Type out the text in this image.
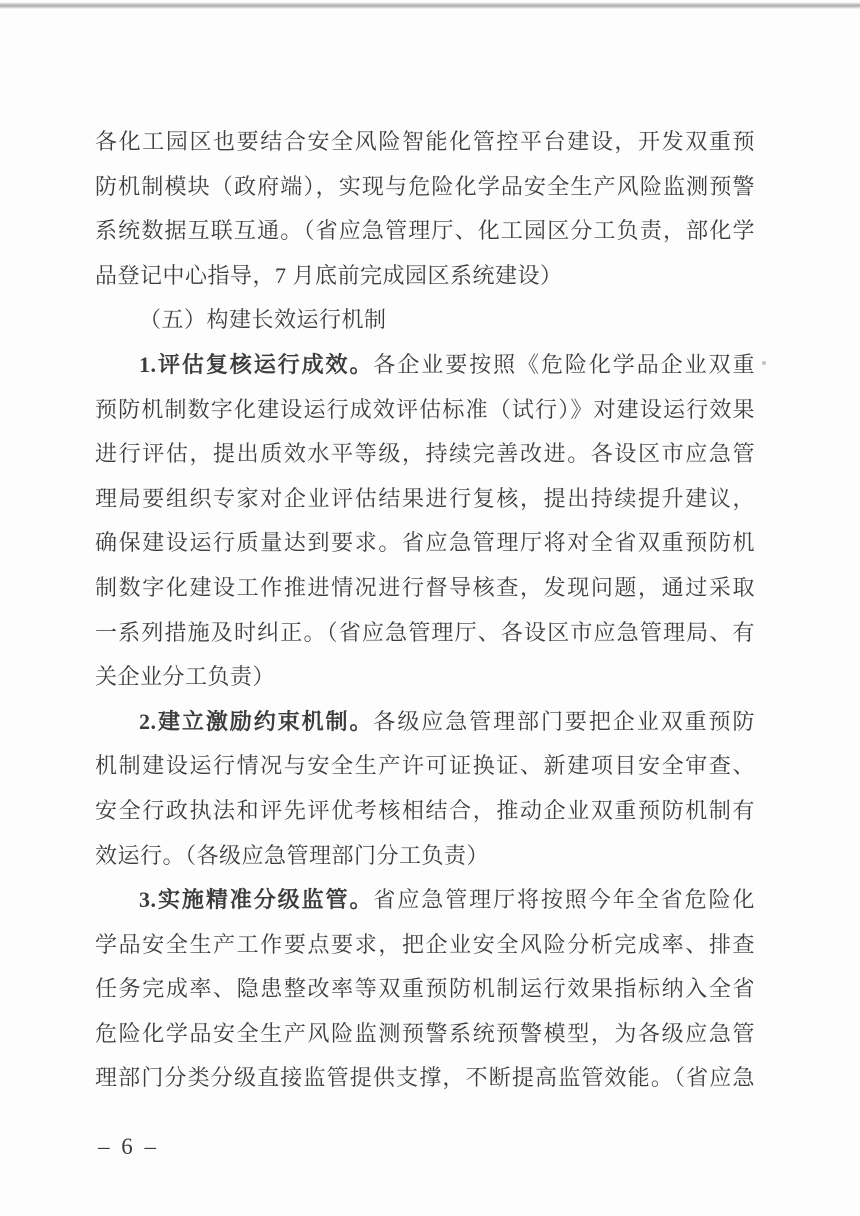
各化工园区也要结合安全风险智能化管控平台建设，开发双重预
防机制模块（政府端），实现与危险化学品安全生产风险监测预警
系统数据互联互通。（省应急管理厅、化工园区分工负责，部化学
品登记中心指导，7 月底前完成园区系统建设）
（五）构建长效运行机制
1.评估复核运行成效。各企业要按照《危险化学品企业双重
预防机制数字化建设运行成效评估标准（试行）》对建设运行效果
进行评估，提出质效水平等级，持续完善改进。各设区市应急管
理局要组织专家对企业评估结果进行复核，提出持续提升建议，
确保建设运行质量达到要求。省应急管理厅将对全省双重预防机
制数字化建设工作推进情况进行督导核查，发现问题，通过采取
一系列措施及时纠正。（省应急管理厅、各设区市应急管理局、有
关企业分工负责）
2.建立激励约束机制。各级应急管理部门要把企业双重预防
机制建设运行情况与安全生产许可证换证、新建项目安全审查、
安全行政执法和评先评优考核相结合，推动企业双重预防机制有
效运行。（各级应急管理部门分工负责）
3.实施精准分级监管。省应急管理厅将按照今年全省危险化
学品安全生产工作要点要求，把企业安全风险分析完成率、排查
任务完成率、隐患整改率等双重预防机制运行效果指标纳入全省
危险化学品安全生产风险监测预警系统预警模型，为各级应急管
理部门分类分级直接监管提供支撑，不断提高监管效能。（省应急
– 6 –
